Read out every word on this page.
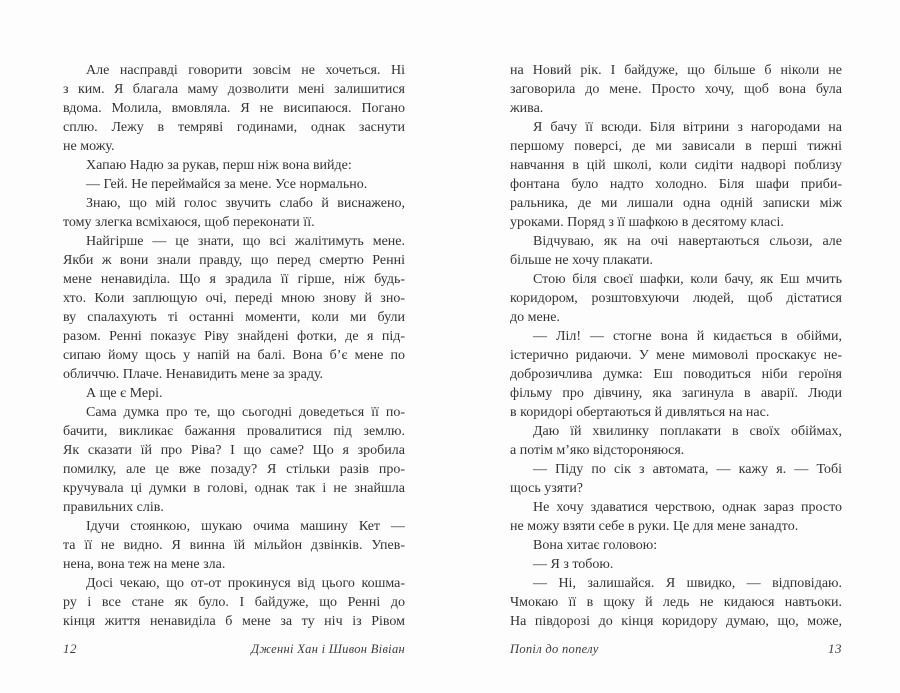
Але насправді говорити зовсім не хочеться. Ні
з ким. Я благала маму дозволити мені залишитися
вдома. Молила, вмовляла. Я не висипаюся. Погано
сплю. Лежу в темряві годинами, однак заснути
не можу.
Хапаю Надю за рукав, перш ніж вона вийде:
— Гей. Не переймайся за мене. Усе нормально.
Знаю, що мій голос звучить слабо й виснажено,
тому злегка всміхаюся, щоб переконати її.
Найгірше — це знати, що всі жалітимуть мене.
Якби ж вони знали правду, що перед смертю Ренні
мене ненавиділа. Що я зрадила її гірше, ніж будь-
хто. Коли заплющую очі, переді мною знову й зно-
ву спалахують ті останні моменти, коли ми були
разом. Ренні показує Ріву знайдені фотки, де я під-
сипаю йому щось у напій на балі. Вона б’є мене по
обличчю. Плаче. Ненавидить мене за зраду.
А ще є Мері.
Сама думка про те, що сьогодні доведеться її по-
бачити, викликає бажання провалитися під землю.
Як сказати їй про Ріва? І що саме? Що я зробила
помилку, але це вже позаду? Я стільки разів про-
кручувала ці думки в голові, однак так і не знайшла
правильних слів.
Ідучи стоянкою, шукаю очима машину Кет —
та її не видно. Я винна їй мільйон дзвінків. Упев-
нена, вона теж на мене зла.
Досі чекаю, що от-от прокинуся від цього кошма-
ру і все стане як було. І байдуже, що Ренні до
кінця життя ненавиділа б мене за ту ніч із Рівом
12	Дженні Хан і Шивон Вівіан
на Новий рік. І байдуже, що більше б ніколи не
заговорила до мене. Просто хочу, щоб вона була
жива.
Я бачу її всюди. Біля вітрини з нагородами на
першому поверсі, де ми зависали в перші тижні
навчання в цій школі, коли сидіти надворі поблизу
фонтана було надто холодно. Біля шафи приби-
ральника, де ми лишали одна одній записки між
уроками. Поряд з її шафкою в десятому класі.
Відчуваю, як на очі навертаються сльози, але
більше не хочу плакати.
Стою біля своєї шафки, коли бачу, як Еш мчить
коридором, розштовхуючи людей, щоб дістатися
до мене.
— Ліл! — стогне вона й кидається в обійми,
істерично ридаючи. У мене мимоволі проскакує не-
доброзичлива думка: Еш поводиться ніби героїня
фільму про дівчину, яка загинула в аварії. Люди
в коридорі обертаються й дивляться на нас.
Даю їй хвилинку поплакати в своїх обіймах,
а потім м’яко відстороняюся.
— Піду по сік з автомата, — кажу я. — Тобі
щось узяти?
Не хочу здаватися черствою, однак зараз просто
не можу взяти себе в руки. Це для мене занадто.
Вона хитає головою:
— Я з тобою.
— Ні, залишайся. Я швидко, — відповідаю.
Чмокаю її в щоку й ледь не кидаюся навтьоки.
На півдорозі до кінця коридору думаю, що, може,
Попіл до попелу	13
